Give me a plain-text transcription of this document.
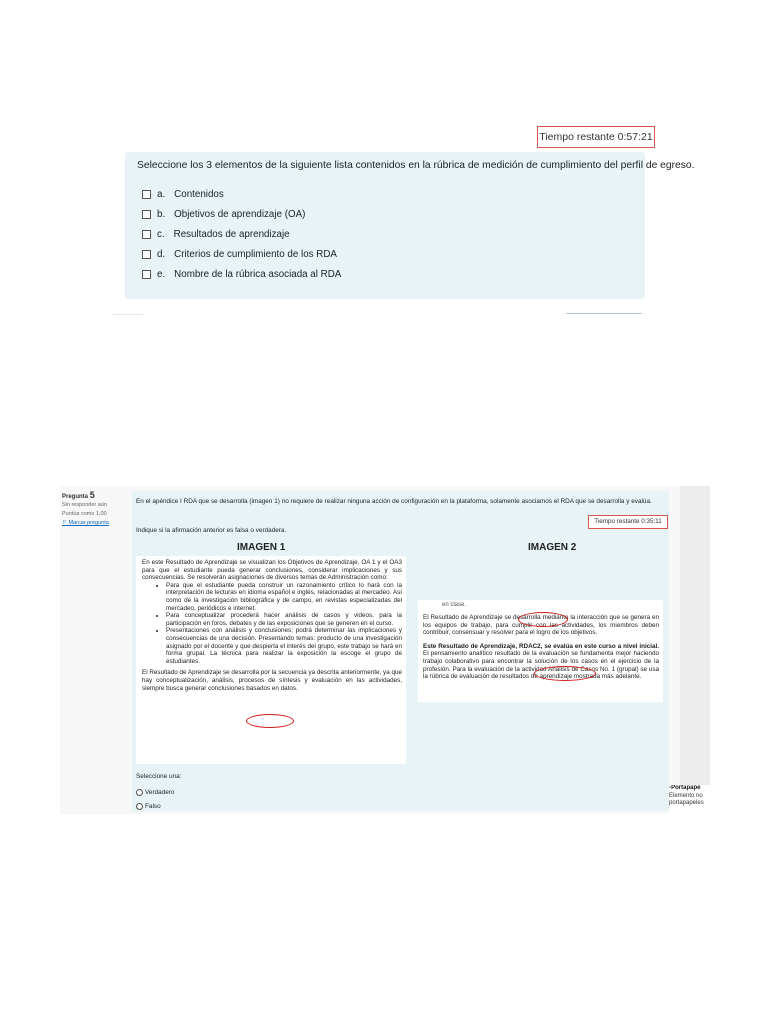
Tiempo restante 0:57:21
Seleccione los 3 elementos de la siguiente lista contenidos en la rúbrica de medición de cumplimiento del perfil de egreso.
a. Contenidos
b. Objetivos de aprendizaje (OA)
c. Resultados de aprendizaje
d. Criterios de cumplimiento de los RDA
e. Nombre de la rúbrica asociada al RDA
Pregunta 5
Sin responder aún
Puntúa como 1,00
⚐ Marcar pregunta
En el apéndice I RDA que se desarrolla (imagen 1) no requiere de realizar ninguna acción de configuración en la plataforma, solamente asociamos el RDA que se desarrolla y evalúa.
Tiempo restante 0:35:11
Indique si la afirmación anterior es falsa o verdadera.
IMAGEN 1	IMAGEN 2

En este Resultado de Aprendizaje se visualizan los Objetivos de Aprendizaje, OA 1 y el OA3 para que el estudiante pueda generar conclusiones, considerar implicaciones y sus consecuencias. Se resolverán asignaciones de diversos temas de Administración como:

• Para que el estudiante pueda construir un razonamiento crítico lo hará con la interpretación de lecturas en idioma español e inglés, relacionadas al mercadeo. Así como de la investigación bibliográfica y de campo, en revistas especializadas del mercadeo, periódicos e internet.
• Para conceptualizar procederá hacer análisis de casos y videos, para la participación en foros, debates y de las exposiciones que se generen en el curso.
• Presentaciones con análisis y conclusiones; podrá determinar las implicaciones y consecuencias de una decisión. Presentando temas: producto de una investigación asignado por el docente y que despierta el interés del grupo, este trabajo se hará en forma grupal. La técnica para realizar la exposición la escoge el grupo de estudiantes.

El Resultado de Aprendizaje se desarrolla por la secuencia ya descrita anteriormente, ya que hay conceptualización, análisis, procesos de síntesis y evaluación en las actividades, siempre busca generar conclusiones basados en datos.

en clase.

El Resultado de Aprendizaje se desarrolla mediante la interacción que se genera en los equipos de trabajo, para cumplir con las actividades, los miembros deben contribuir, consensuar y resolver para el logro de los objetivos.

Este Resultado de Aprendizaje, RDAC2, se evalúa en este curso a nivel inicial. El pensamiento analítico resultado de la evaluación se fundamenta mejor haciendo trabajo colaborativo para encontrar la solución de los casos en el ejercicio de la profesión. Para la evaluación de la actividad Análisis de Casos No. 1 (grupal) se usa la rúbrica de evaluación de resultados de aprendizaje mostrada más adelante.

Seleccione una:
Verdadero
Falso
▫Portapape
Elemento no
portapapeles
